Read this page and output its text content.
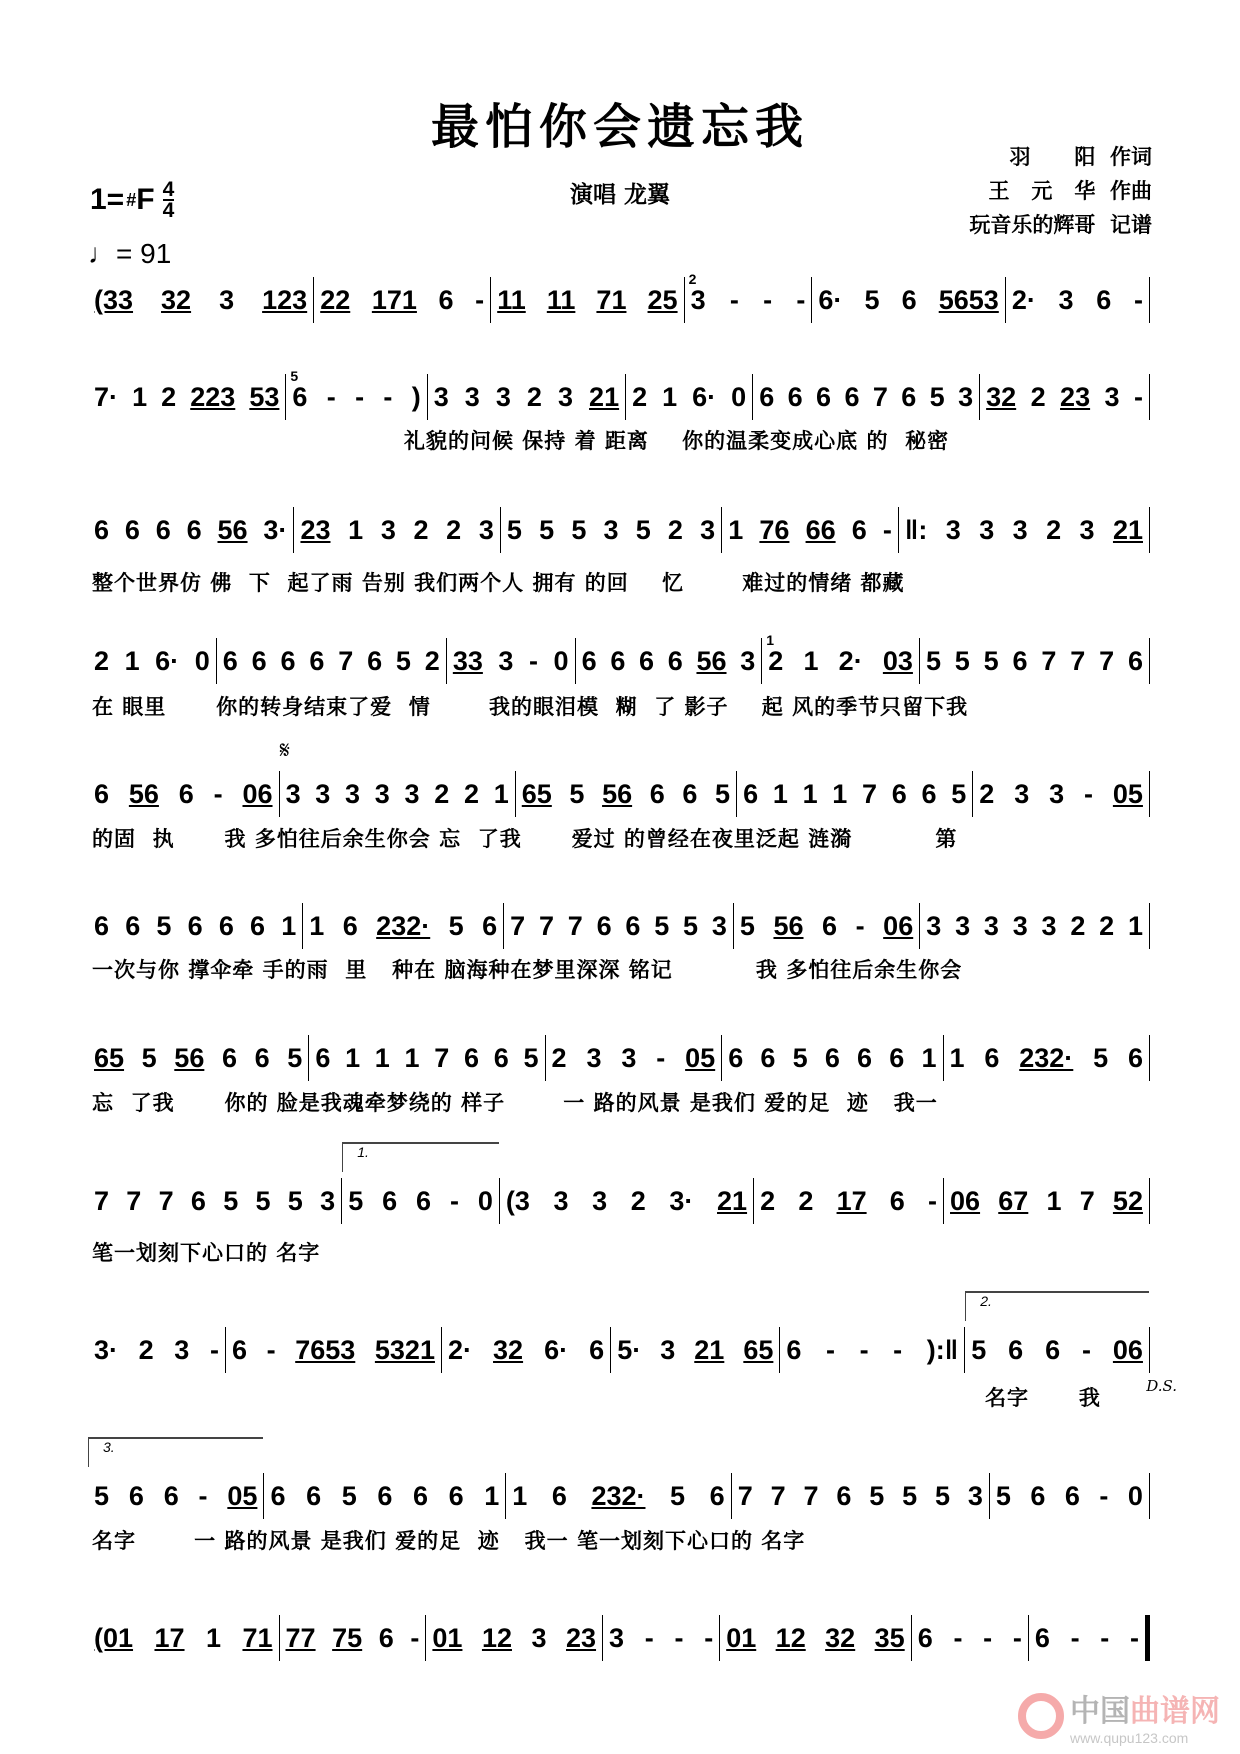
最怕你会遗忘我
演唱 龙翼
羽      阳  作词
王   元   华  作曲
玩音乐的辉哥  记谱
1= # F $\frac{4}{4}$
♩= 91
(33 32 3 123 22 171 6 - 11 11 71 25 3 - - -
2
6· 5 6 5653 2· 3 6 -
7· 1 2 223 53 6 - - - )
5
3 3 3 2 3 21 2 1 6· 0 6 6 6 6 7 6 5 3 32 2 23 3 -
礼貌的问候 保持 着 距离    你的温柔变成心底 的  秘密
6 6 6 6 56 3· 23 1 3 2 2 3 5 5 5 3 5 2 3 1 76 66 6 - ‖: 3 3 3 2 3 21
整个世界仿 佛  下  起了雨 告别 我们两个人 拥有 的回    忆       难过的情绪 都藏
2 1 6· 0 6 6 6 6 7 6 5 2 33 3 - 0 6 6 6 6 56 3 2 1 2· 03
1
5 5 5 6 7 7 7 6
在 眼里      你的转身结束了爱  情       我的眼泪模  糊  了 影子    起 风的季节只留下我
6 56 6 - 06 3 3 3 3 3 2 2 1
𝄋
65 5 56 6 6 5 6 1 1 1 7 6 6 5 2 3 3 - 05
的固  执      我 多怕往后余生你会 忘  了我      爱过 的曾经在夜里泛起 涟漪          第
6 6 5 6 6 6 1 1 6 232· 5 6 7 7 7 6 6 5 5 3 5 56 6 - 06 3 3 3 3 3 2 2 1
一次与你 撑伞牵 手的雨  里   种在 脑海种在梦里深深 铭记          我 多怕往后余生你会
65 5 56 6 6 5 6 1 1 1 7 6 6 5 2 3 3 - 05 6 6 5 6 6 6 1 1 6 232· 5 6
忘  了我      你的 脸是我魂牵梦绕的 样子       一 路的风景 是我们 爱的足  迹   我一
7 7 7 6 5 5 5 3 5 6 6 - 0
1.
(3 3 3 2 3· 21 2 2 17 6 - 06 67 1 7 52
笔一划刻下心口的 名字
3· 2 3 - 6 - 7653 5321 2· 32 6· 6 5· 3 21 65 6 - - - ):‖ 5 6 6 - 06
2.
D.S.
名字      我
5 6 6 - 05
3.
6 6 5 6 6 6 1 1 6 232· 5 6 7 7 7 6 5 5 5 3 5 6 6 - 0
名字       一 路的风景 是我们 爱的足  迹   我一 笔一划刻下心口的 名字
(01 17 1 71 77 75 6 - 01 12 3 23 3 - - - 01 12 32 35 6 - - - 6 - - -
中国曲谱网
www.qupu123.com
